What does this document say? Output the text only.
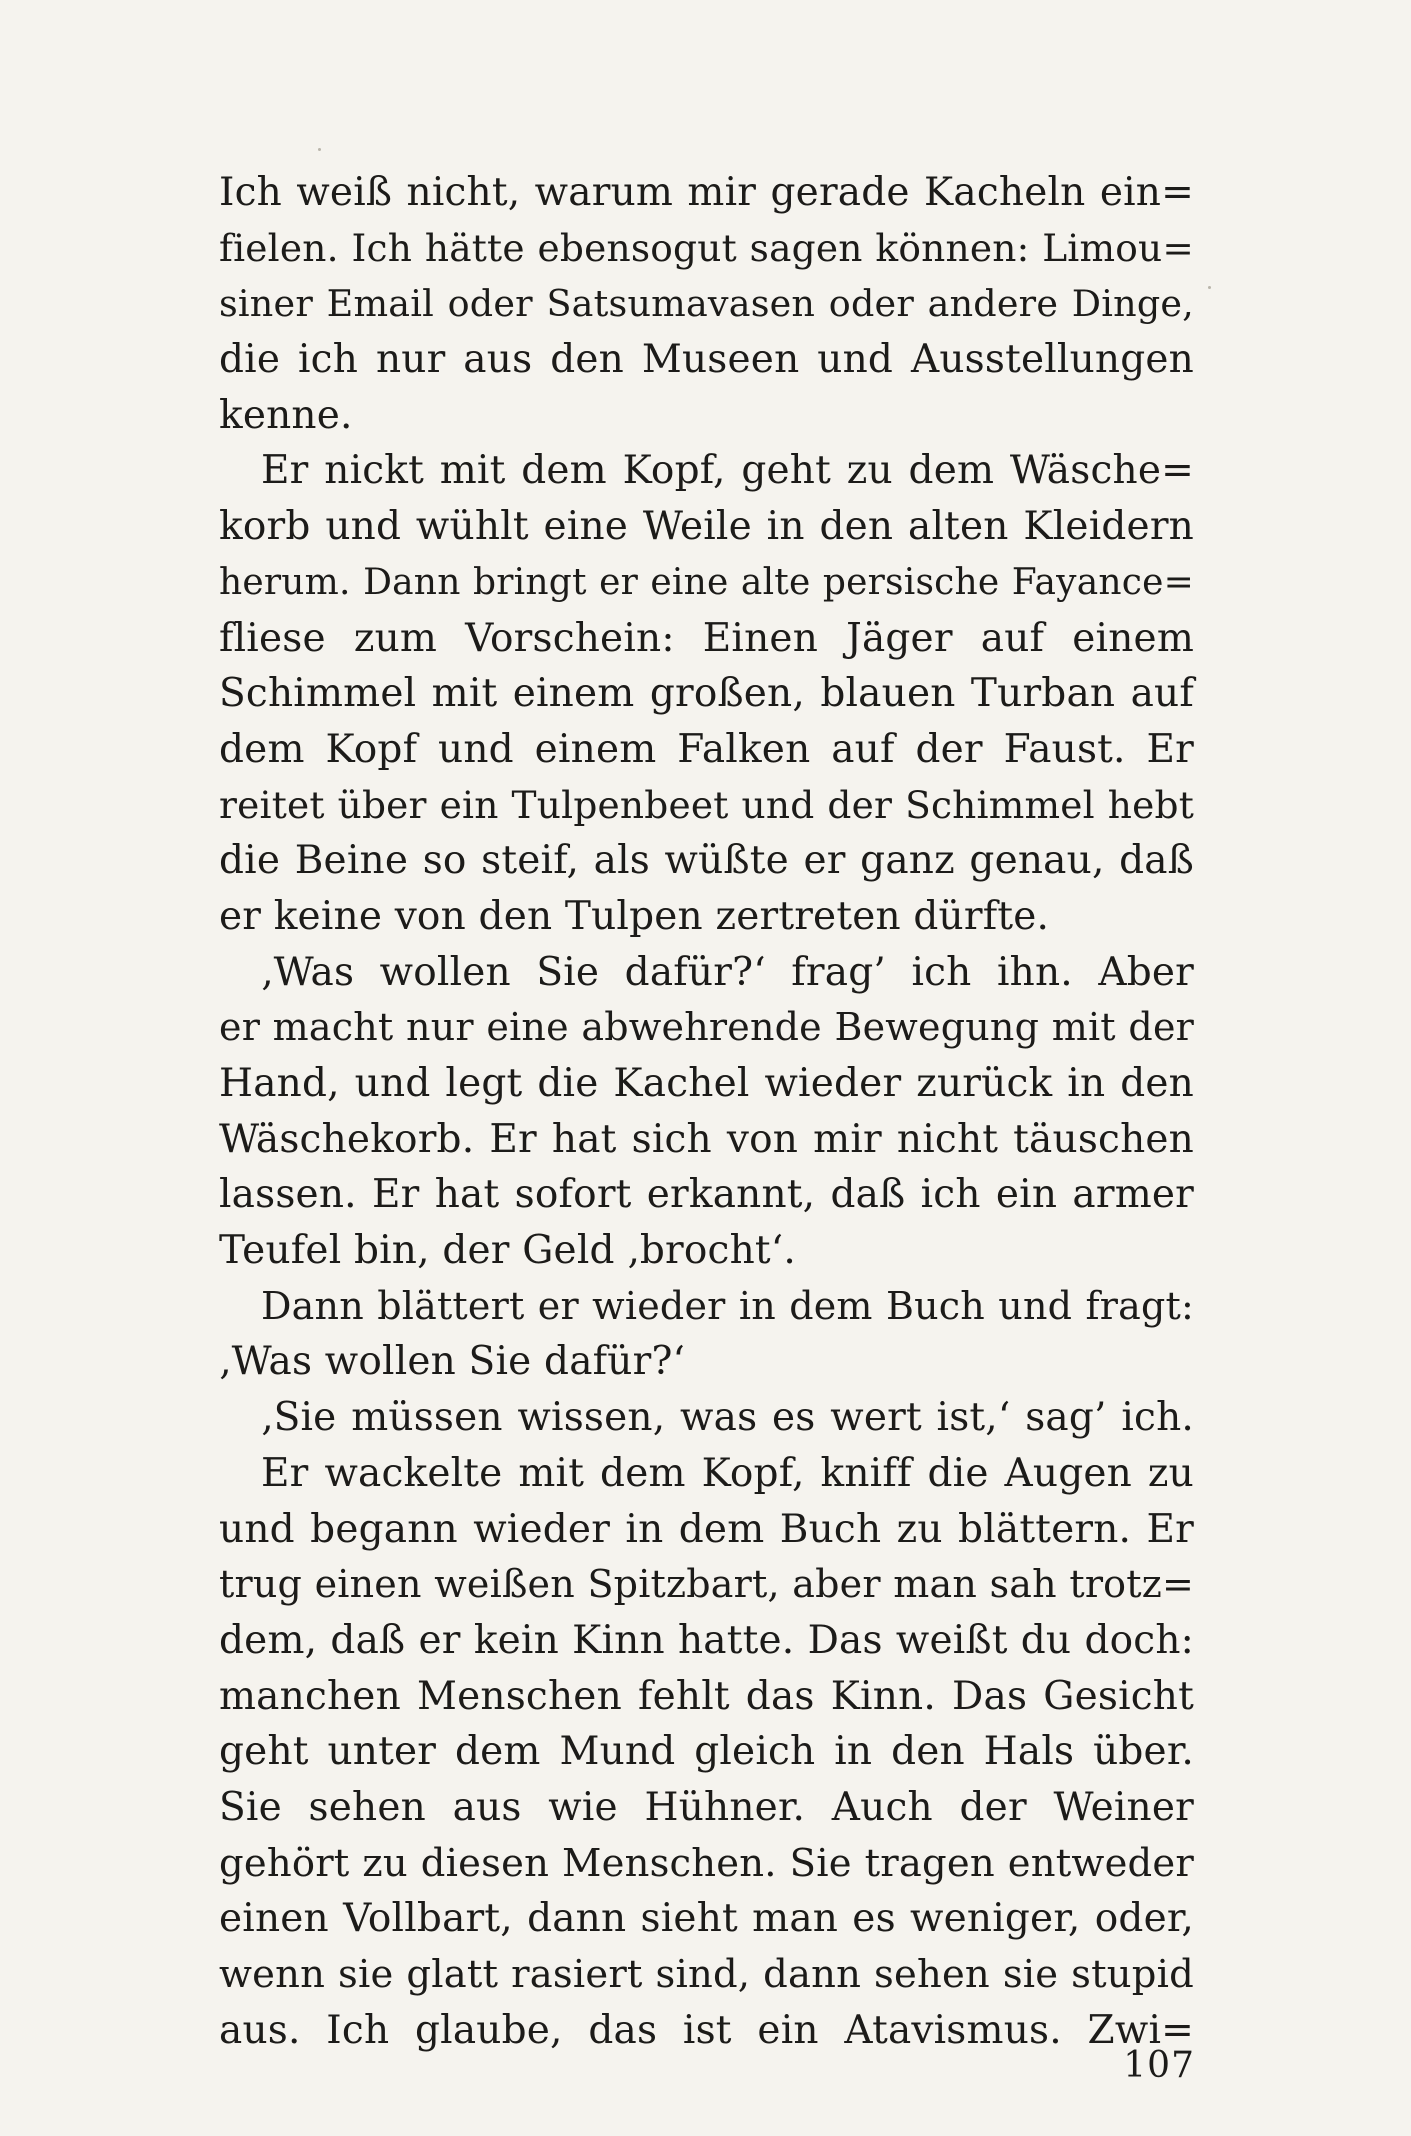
Ich weiß nicht, warum mir gerade Kacheln ein=
fielen. Ich hätte ebensogut sagen können: Limou=
siner Email oder Satsumavasen oder andere Dinge,
die ich nur aus den Museen und Ausstellungen
kenne.
Er nickt mit dem Kopf, geht zu dem Wäsche=
korb und wühlt eine Weile in den alten Kleidern
herum. Dann bringt er eine alte persische Fayance=
fliese zum Vorschein: Einen Jäger auf einem
Schimmel mit einem großen, blauen Turban auf
dem Kopf und einem Falken auf der Faust. Er
reitet über ein Tulpenbeet und der Schimmel hebt
die Beine so steif, als wüßte er ganz genau, daß
er keine von den Tulpen zertreten dürfte.
‚Was wollen Sie dafür?‘ frag’ ich ihn. Aber
er macht nur eine abwehrende Bewegung mit der
Hand, und legt die Kachel wieder zurück in den
Wäschekorb. Er hat sich von mir nicht täuschen
lassen. Er hat sofort erkannt, daß ich ein armer
Teufel bin, der Geld ‚brocht‘.
Dann blättert er wieder in dem Buch und fragt:
‚Was wollen Sie dafür?‘
‚Sie müssen wissen, was es wert ist,‘ sag’ ich.
Er wackelte mit dem Kopf, kniff die Augen zu
und begann wieder in dem Buch zu blättern. Er
trug einen weißen Spitzbart, aber man sah trotz=
dem, daß er kein Kinn hatte. Das weißt du doch:
manchen Menschen fehlt das Kinn. Das Gesicht
geht unter dem Mund gleich in den Hals über.
Sie sehen aus wie Hühner. Auch der Weiner
gehört zu diesen Menschen. Sie tragen entweder
einen Vollbart, dann sieht man es weniger, oder,
wenn sie glatt rasiert sind, dann sehen sie stupid
aus. Ich glaube, das ist ein Atavismus. Zwi=
107
